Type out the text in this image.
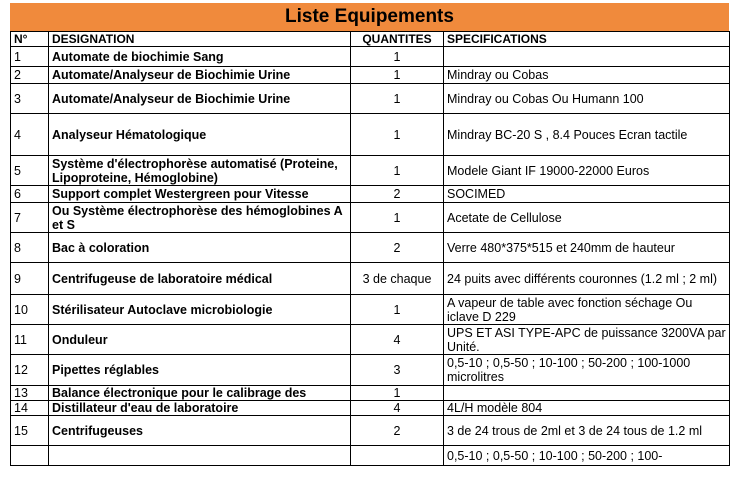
Liste Equipements
N°	DESIGNATION	QUANTITES	SPECIFICATIONS
1	Automate de biochimie Sang	1	
2	Automate/Analyseur de Biochimie Urine	1	Mindray ou Cobas
3	Automate/Analyseur de Biochimie Urine	1	Mindray ou Cobas Ou Humann 100
4	Analyseur Hématologique	1	Mindray BC-20 S , 8.4 Pouces Ecran tactile
5	Système d'électrophorèse automatisé (Proteine, Lipoproteine, Hémoglobine)	1	Modele Giant IF 19000-22000 Euros
6	Support complet Westergreen pour Vitesse	2	SOCIMED
7	Ou Système électrophorèse des hémoglobines A et S	1	Acetate de Cellulose
8	Bac à coloration	2	Verre 480*375*515 et 240mm de hauteur
9	Centrifugeuse de laboratoire médical	3 de chaque	24 puits avec différents couronnes (1.2 ml ; 2 ml)
10	Stérilisateur Autoclave microbiologie	1	A vapeur de table avec fonction séchage Ou iclave D 229
11	Onduleur	4	UPS ET ASI TYPE-APC de puissance 3200VA par Unité.
12	Pipettes réglables	3	0,5-10 ; 0,5-50 ; 10-100 ; 50-200 ; 100-1000 microlitres
13	Balance électronique pour le calibrage des	1	
14	Distillateur d'eau de laboratoire	4	4L/H modèle 804
15	Centrifugeuses	2	3 de 24 trous de 2ml et 3 de 24 tous de 1.2 ml
			0,5-10 ; 0,5-50 ; 10-100 ; 50-200 ; 100-
